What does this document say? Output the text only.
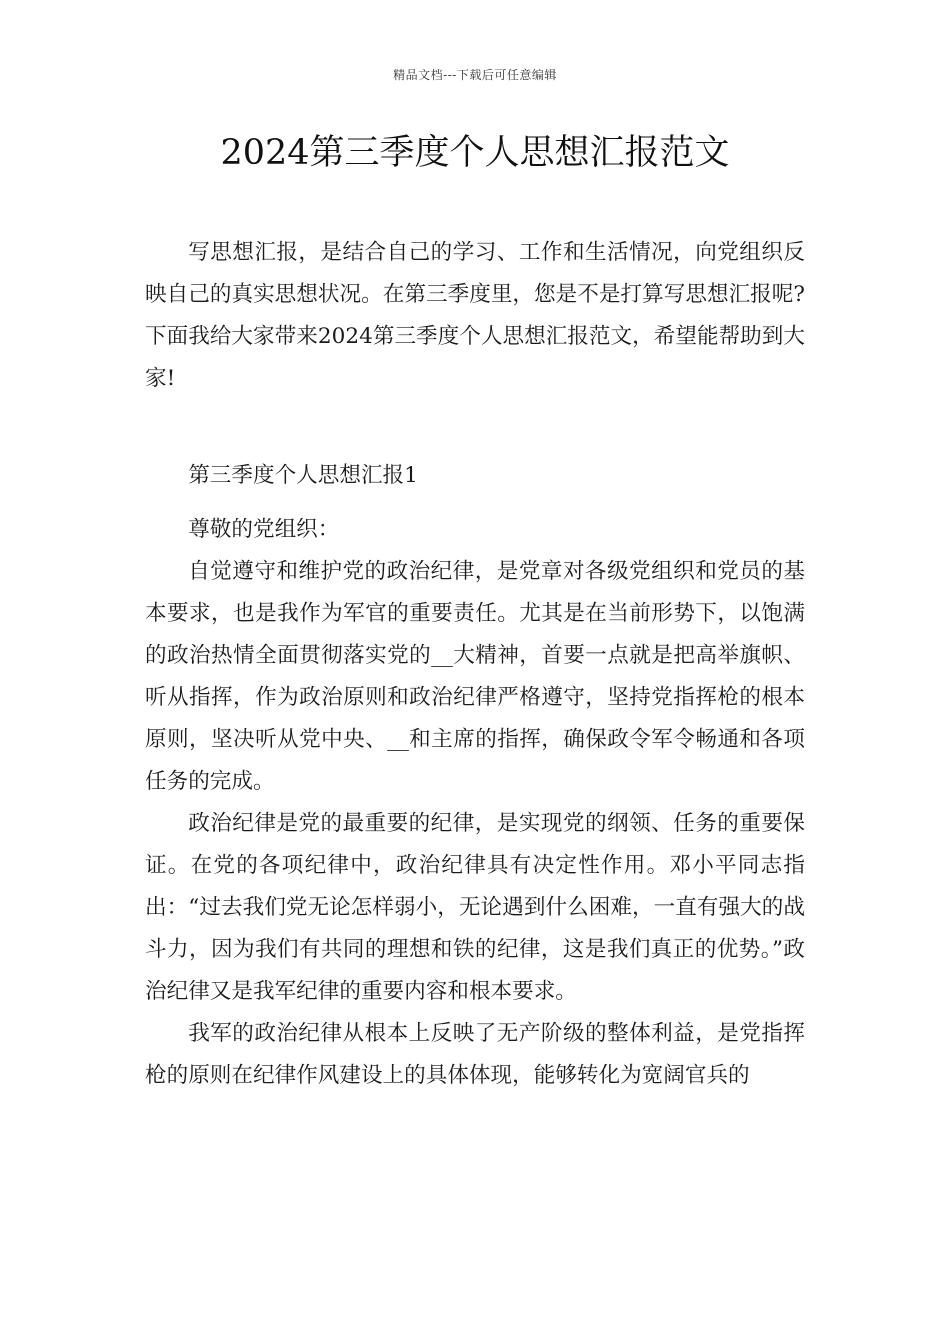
精品文档---下载后可任意编辑
2024第三季度个人思想汇报范文

写思想汇报，是结合自己的学习、工作和生活情况，向党组织反映自己的真实思想状况。在第三季度里，您是不是打算写思想汇报呢?下面我给大家带来2024第三季度个人思想汇报范文，希望能帮助到大家!

第三季度个人思想汇报1

尊敬的党组织：

自觉遵守和维护党的政治纪律，是党章对各级党组织和党员的基本要求，也是我作为军官的重要责任。尤其是在当前形势下，以饱满的政治热情全面贯彻落实党的__大精神，首要一点就是把高举旗帜、听从指挥，作为政治原则和政治纪律严格遵守，坚持党指挥枪的根本原则，坚决听从党中央、__和主席的指挥，确保政令军令畅通和各项任务的完成。

政治纪律是党的最重要的纪律，是实现党的纲领、任务的重要保证。在党的各项纪律中，政治纪律具有决定性作用。邓小平同志指出：“过去我们党无论怎样弱小，无论遇到什么困难，一直有强大的战斗力，因为我们有共同的理想和铁的纪律，这是我们真正的优势。”政治纪律又是我军纪律的重要内容和根本要求。

我军的政治纪律从根本上反映了无产阶级的整体利益，是党指挥枪的原则在纪律作风建设上的具体体现，能够转化为宽阔官兵的
